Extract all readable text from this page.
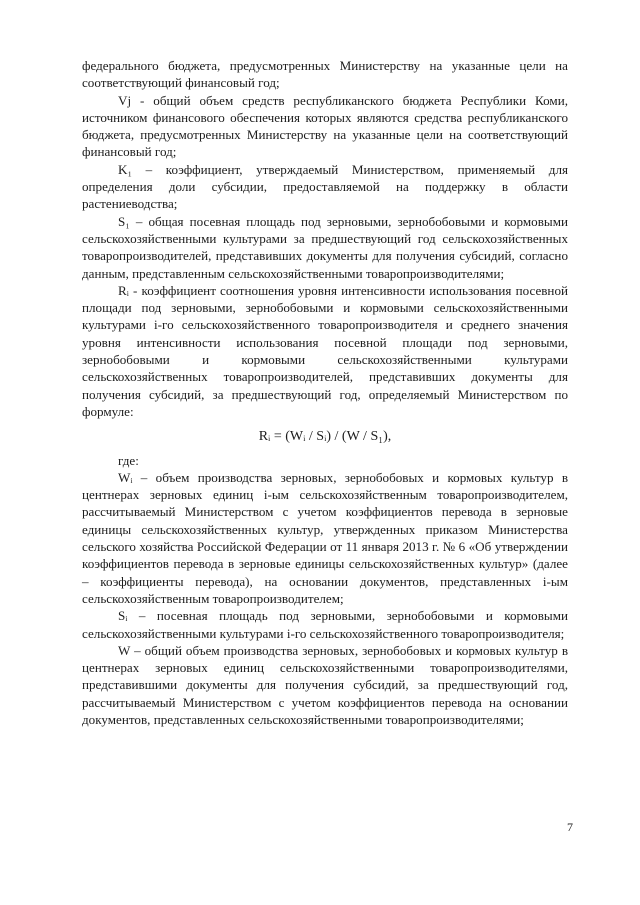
федерального бюджета, предусмотренных Министерству на указанные цели на соответствующий финансовый год;

Vj - общий объем средств республиканского бюджета Республики Коми, источником финансового обеспечения которых являются средства республиканского бюджета, предусмотренных Министерству на указанные цели на соответствующий финансовый год;

K₁ – коэффициент, утверждаемый Министерством, применяемый для определения доли субсидии, предоставляемой на поддержку в области растениеводства;

S₁ – общая посевная площадь под зерновыми, зернобобовыми и кормовыми сельскохозяйственными культурами за предшествующий год сельскохозяйственных товаропроизводителей, представивших документы для получения субсидий, согласно данным, представленным сельскохозяйственными товаропроизводителями;

Rᵢ - коэффициент соотношения уровня интенсивности использования посевной площади под зерновыми, зернобобовыми и кормовыми сельскохозяйственными культурами i-го сельскохозяйственного товаропроизводителя и среднего значения уровня интенсивности использования посевной площади под зерновыми, зернобобовыми и кормовыми сельскохозяйственными культурами сельскохозяйственных товаропроизводителей, представивших документы для получения субсидий, за предшествующий год, определяемый Министерством по формуле:

Rᵢ = (Wᵢ / Sᵢ) / (W / S₁),

где:

Wᵢ – объем производства зерновых, зернобобовых и кормовых культур в центнерах зерновых единиц i-ым сельскохозяйственным товаропроизводителем, рассчитываемый Министерством с учетом коэффициентов перевода в зерновые единицы сельскохозяйственных культур, утвержденных приказом Министерства сельского хозяйства Российской Федерации от 11 января 2013 г. № 6 «Об утверждении коэффициентов перевода в зерновые единицы сельскохозяйственных культур» (далее – коэффициенты перевода), на основании документов, представленных i-ым сельскохозяйственным товаропроизводителем;

Sᵢ – посевная площадь под зерновыми, зернобобовыми и кормовыми сельскохозяйственными культурами i-го сельскохозяйственного товаропроизводителя;

W – общий объем производства зерновых, зернобобовых и кормовых культур в центнерах зерновых единиц сельскохозяйственными товаропроизводителями, представившими документы для получения субсидий, за предшествующий год, рассчитываемый Министерством с учетом коэффициентов перевода на основании документов, представленных сельскохозяйственными товаропроизводителями;

7
